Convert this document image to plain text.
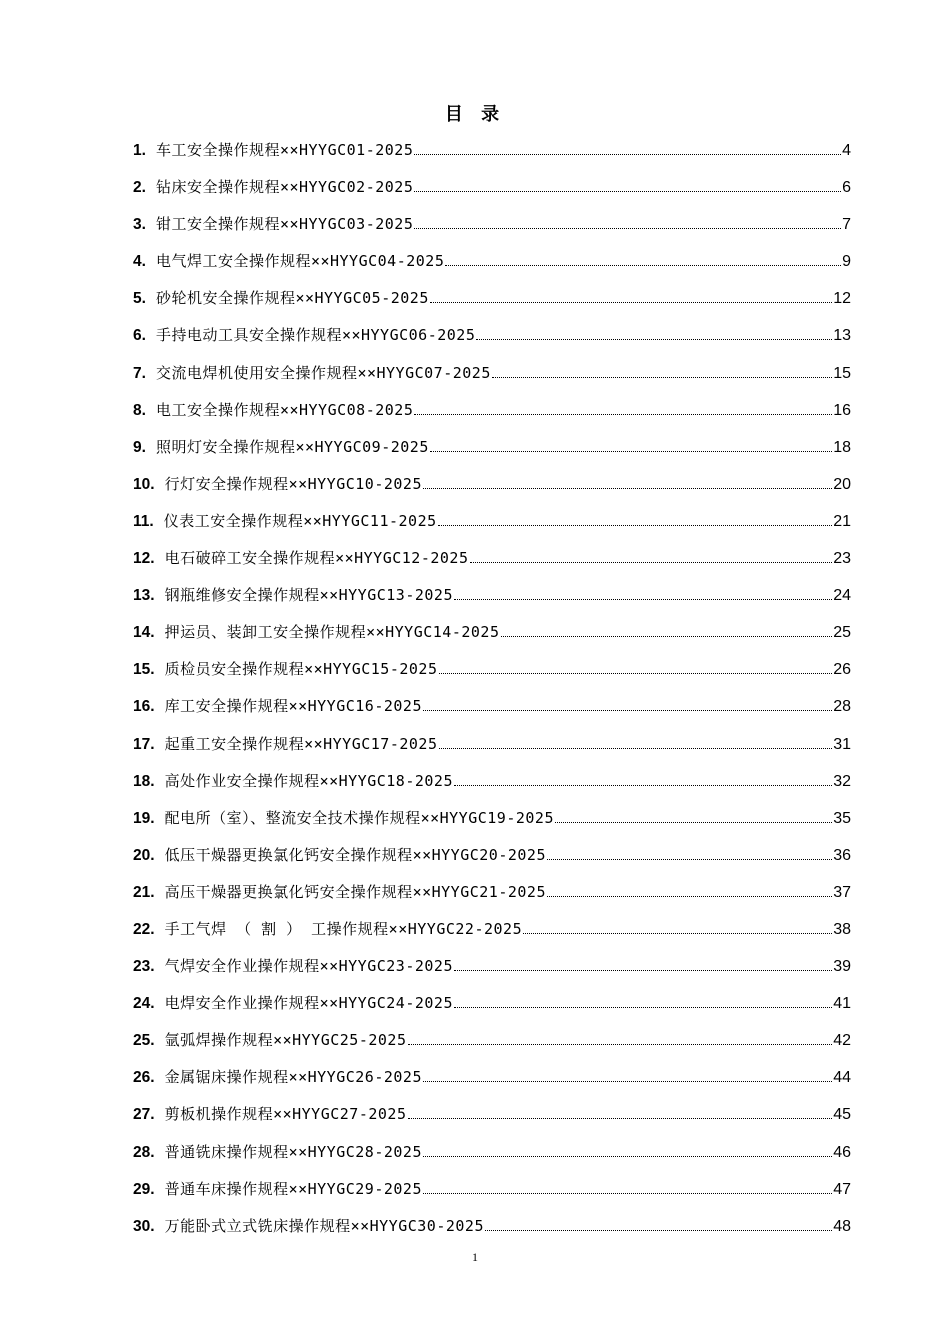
目 录
1. 车工安全操作规程××HYYGC01-2025	4
2. 钻床安全操作规程××HYYGC02-2025	6
3. 钳工安全操作规程××HYYGC03-2025	7
4. 电气焊工安全操作规程××HYYGC04-2025	9
5. 砂轮机安全操作规程××HYYGC05-2025	12
6. 手持电动工具安全操作规程××HYYGC06-2025	13
7. 交流电焊机使用安全操作规程××HYYGC07-2025	15
8. 电工安全操作规程××HYYGC08-2025	16
9. 照明灯安全操作规程××HYYGC09-2025	18
10. 行灯安全操作规程××HYYGC10-2025	20
11. 仪表工安全操作规程××HYYGC11-2025	21
12. 电石破碎工安全操作规程××HYYGC12-2025	23
13. 钢瓶维修安全操作规程××HYYGC13-2025	24
14. 押运员、装卸工安全操作规程××HYYGC14-2025	25
15. 质检员安全操作规程××HYYGC15-2025	26
16. 库工安全操作规程××HYYGC16-2025	28
17. 起重工安全操作规程××HYYGC17-2025	31
18. 高处作业安全操作规程××HYYGC18-2025	32
19. 配电所（室）、整流安全技术操作规程××HYYGC19-2025	35
20. 低压干燥器更换氯化钙安全操作规程××HYYGC20-2025	36
21. 高压干燥器更换氯化钙安全操作规程××HYYGC21-2025	37
22. 手工气焊 （ 割 ） 工操作规程××HYYGC22-2025	38
23. 气焊安全作业操作规程××HYYGC23-2025	39
24. 电焊安全作业操作规程××HYYGC24-2025	41
25. 氩弧焊操作规程××HYYGC25-2025	42
26. 金属锯床操作规程××HYYGC26-2025	44
27. 剪板机操作规程××HYYGC27-2025	45
28. 普通铣床操作规程××HYYGC28-2025	46
29. 普通车床操作规程××HYYGC29-2025	47
30. 万能卧式立式铣床操作规程××HYYGC30-2025	48
1
